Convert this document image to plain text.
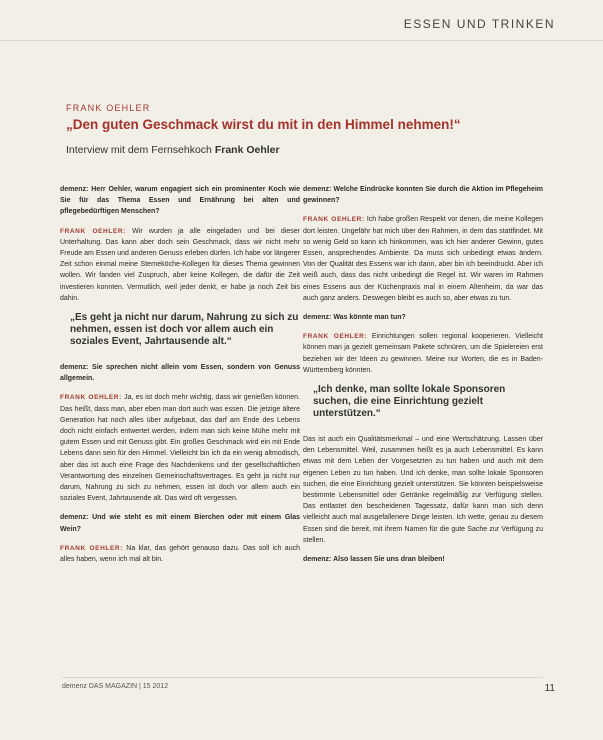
ESSEN UND TRINKEN
FRANK OEHLER
„Den guten Geschmack wirst du mit in den Himmel nehmen!“
Interview mit dem Fernsehkoch Frank Oehler

demenz: Herr Oehler, warum engagiert sich ein prominenter Koch wie Sie für das Thema Essen und Ernährung bei alten und pflegebedürftigen Menschen?

FRANK OEHLER: Wir wurden ja alle eingeladen und bei dieser Unterhaltung. Das kann aber doch sein Geschmack, dass wir nicht mehr Freude am Essen und anderen Genuss erleben dürfen. Ich habe vor längerer Zeit schon einmal meine Sterneköche-Kollegen für dieses Thema gewinnen wollen. Wir fanden viel Zuspruch, aber keine Kollegen, die dafür die Zeit investieren konnten. Vermutlich, weil jeder denkt, er habe ja noch Zeit bis dahin.

„Es geht ja nicht nur darum, Nahrung zu sich zu nehmen, essen ist doch vor allem auch ein soziales Event, Jahrtausende alt.“

demenz: Sie sprechen nicht allein vom Essen, sondern von Genuss allgemein.

FRANK OEHLER: Ja, es ist doch mehr wichtig, dass wir genießen können. Das heißt, dass man, aber eben man dort auch was essen. Die jetzige ältere Generation hat noch alles über aufgebaut, das darf am Ende des Lebens doch nicht einfach entwertet werden, indem man sich keine Mühe mehr mit gutem Essen und mit Genuss gibt. Ein großes Geschmack wird ein mit Ende Lebens dann sein für den Himmel. Vielleicht bin ich da ein wenig altmodisch, aber das ist auch eine Frage des Nachdenkens und der gesellschaftlichen Verantwortung des einzelnen Gemeinschaftsvertrages. Es geht ja nicht nur darum, Nahrung zu sich zu nehmen, essen ist doch vor allem auch ein soziales Event, Jahrtausende alt. Das wird oft vergessen.

demenz: Und wie steht es mit einem Bierchen oder mit einem Glas Wein?

FRANK OEHLER: Na klar, das gehört genauso dazu. Das soll ich auch alles haben, wenn ich mal alt bin.

demenz: Welche Eindrücke konnten Sie durch die Aktion im Pflegeheim gewinnen?

FRANK OEHLER: Ich habe großen Respekt vor denen, die meine Kollegen dort leisten. Ungefähr hat mich über den Rahmen, in dem das stattfindet. Mit so wenig Geld so kann ich hinkommen, was ich hier anderer Gewinn, gutes Essen, ansprechendes Ambiente. Da muss sich unbedingt etwas ändern. Von der Qualität des Essens war ich dann, aber bin ich beeindruckt. Aber ich weiß auch, dass das nicht unbedingt die Regel ist. Wir waren im Rahmen eines Essens aus der Küchenpraxis mal in einem Altenheim, da war das auch ganz anders. Deswegen bleibt es auch so, aber etwas zu tun.

demenz: Was könnte man tun?

FRANK OEHLER: Einrichtungen sollen regional kooperieren. Vielleicht können man ja gezielt gemeinsam Pakete schnüren, um die Spielereien erst beziehen wir der Ideen zu gewinnen. Meine nur Worten, die es in Baden-Württemberg könnten.

„Ich denke, man sollte lokale Sponsoren suchen, die eine Einrichtung gezielt unterstützen.“

Das ist auch ein Qualitätsmerkmal – und eine Wertschätzung. Lassen über den Lebensmittel. Weil, zusammen heißt es ja auch Lebensmittel. Es kann etwas mit dem Leben der Vorgesetzten zu tun haben und auch mit dem eigenen Leben zu tun haben. Und ich denke, man sollte lokale Sponsoren suchen, die eine Einrichtung gezielt unterstützen. Sie könnten beispielsweise bestimmte Lebensmittel oder Getränke regelmäßig zur Verfügung stellen. Das entlastet den bescheidenen Tagessatz, dafür kann man sich denn vielleicht auch mal ausgefallenere Dinge leisten. Ich wette, genau zu diesem Essen sind die bereit, mit ihrem Namen für die gute Sache zur Verfügung zu stellen.

demenz: Also lassen Sie uns dran bleiben!

demenz DAS MAGAZIN | 15 2012	11
